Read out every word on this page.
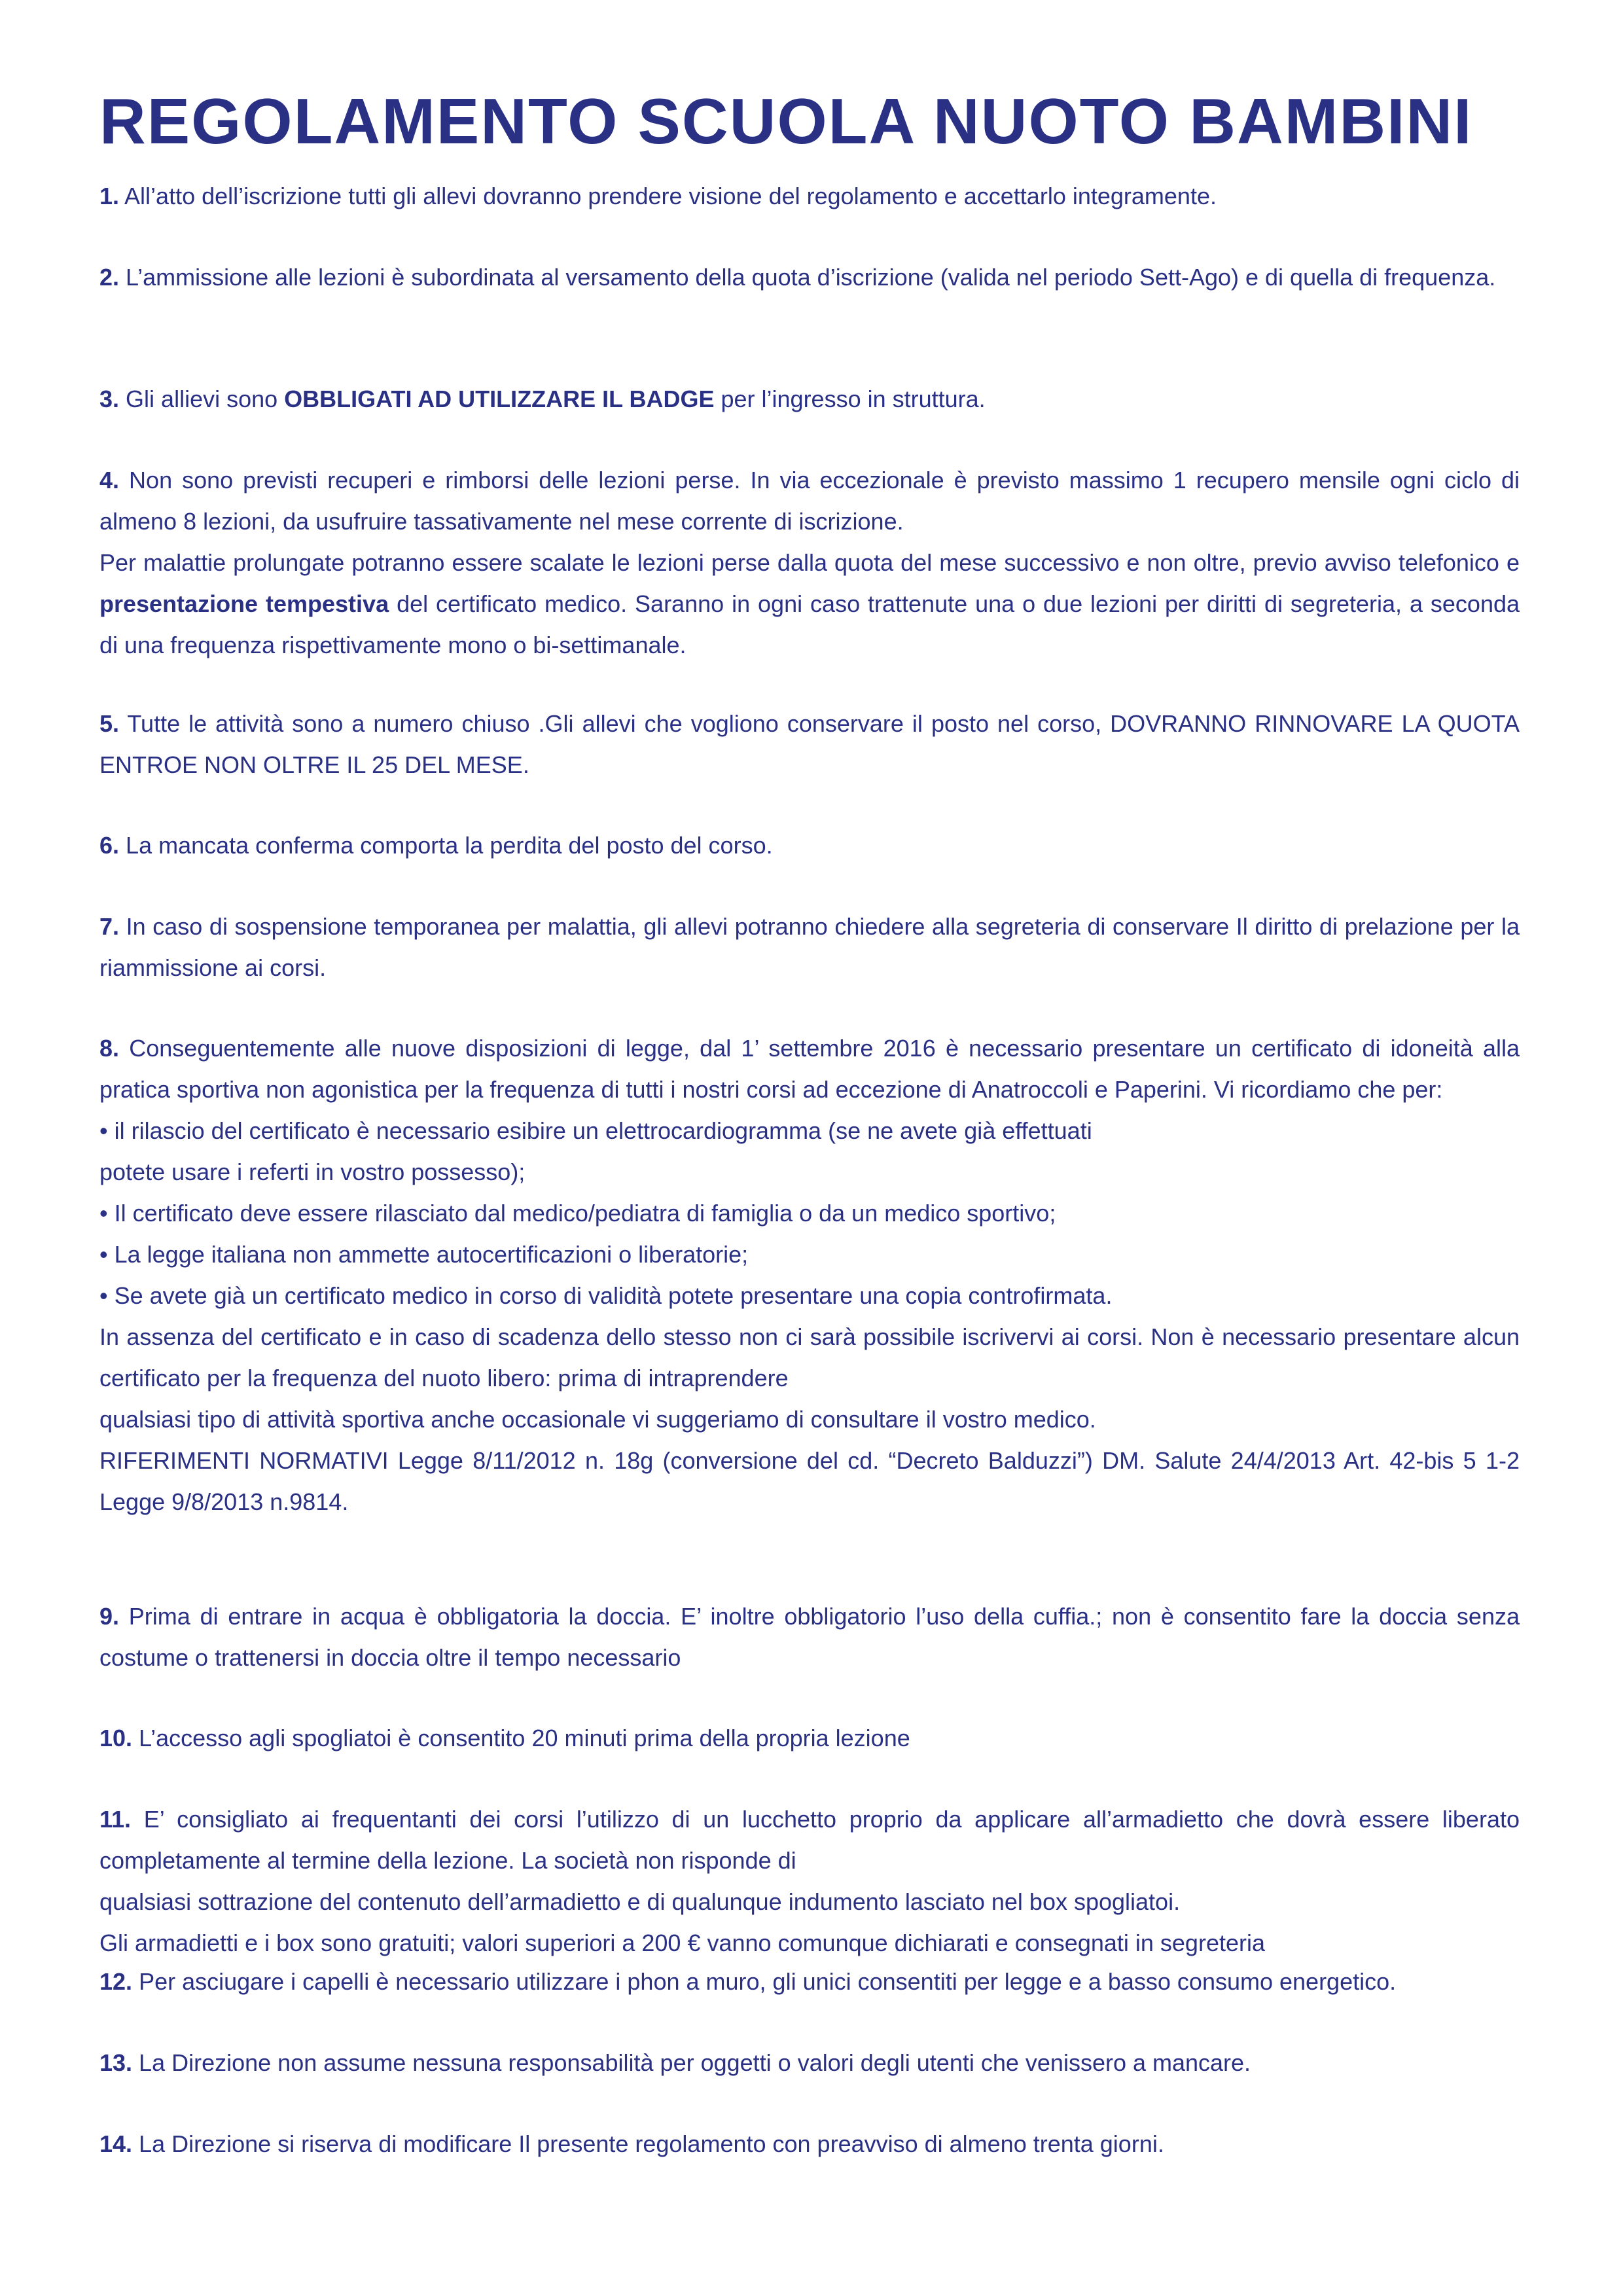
REGOLAMENTO SCUOLA NUOTO BAMBINI

1. All’atto dell’iscrizione tutti gli allevi dovranno prendere visione del regolamento e accettarlo integramente.

2. L’ammissione alle lezioni è subordinata al versamento della quota d’iscrizione (valida nel periodo Sett-Ago) e di quella di frequenza.

3. Gli allievi sono OBBLIGATI AD UTILIZZARE IL BADGE per l’ingresso in struttura.

4. Non sono previsti recuperi e rimborsi delle lezioni perse. In via eccezionale è previsto massimo 1 recupero mensile ogni ciclo di almeno 8 lezioni, da usufruire tassativamente nel mese corrente di iscrizione.

Per malattie prolungate potranno essere scalate le lezioni perse dalla quota del mese successivo e non oltre, previo avviso telefonico e presentazione tempestiva del certificato medico. Saranno in ogni caso trattenute una o due lezioni per diritti di segreteria, a seconda di una frequenza rispettivamente mono o bi-settimanale.

5. Tutte le attività sono a numero chiuso .Gli allevi che vogliono conservare il posto nel corso, DOVRANNO RINNOVARE LA QUOTA ENTROE NON OLTRE IL 25 DEL MESE.

6. La mancata conferma comporta la perdita del posto del corso.

7. In caso di sospensione temporanea per malattia, gli allevi potranno chiedere alla segreteria di conservare Il diritto di prelazione per la riammissione ai corsi.

8. Conseguentemente alle nuove disposizioni di legge, dal 1’ settembre 2016 è necessario presentare un certificato di idoneità alla pratica sportiva non agonistica per la frequenza di tutti i nostri corsi ad eccezione di Anatroccoli e Paperini. Vi ricordiamo che per:

• il rilascio del certificato è necessario esibire un elettrocardiogramma (se ne avete già effettuati

potete usare i referti in vostro possesso);

• Il certificato deve essere rilasciato dal medico/pediatra di famiglia o da un medico sportivo;

• La legge italiana non ammette autocertificazioni o liberatorie;

• Se avete già un certificato medico in corso di validità potete presentare una copia controfirmata.

In assenza del certificato e in caso di scadenza dello stesso non ci sarà possibile iscrivervi ai corsi. Non è necessario presentare alcun certificato per la frequenza del nuoto libero: prima di intraprendere

qualsiasi tipo di attività sportiva anche occasionale vi suggeriamo di consultare il vostro medico.

RIFERIMENTI NORMATIVI Legge 8/11/2012 n. 18g (conversione del cd. “Decreto Balduzzi”) DM. Salute 24/4/2013 Art. 42-bis 5 1-2 Legge 9/8/2013 n.9814.

9. Prima di entrare in acqua è obbligatoria la doccia. E’ inoltre obbligatorio l’uso della cuffia.; non è consentito fare la doccia senza costume o trattenersi in doccia oltre il tempo necessario

10. L’accesso agli spogliatoi è consentito 20 minuti prima della propria lezione

11. E’ consigliato ai frequentanti dei corsi l’utilizzo di un lucchetto proprio da applicare all’armadietto che dovrà essere liberato completamente al termine della lezione. La società non risponde di

qualsiasi sottrazione del contenuto dell’armadietto e di qualunque indumento lasciato nel box spogliatoi.

Gli armadietti e i box sono gratuiti; valori superiori a 200 € vanno comunque dichiarati e consegnati in segreteria

12. Per asciugare i capelli è necessario utilizzare i phon a muro, gli unici consentiti per legge e a basso consumo energetico.

13. La Direzione non assume nessuna responsabilità per oggetti o valori degli utenti che venissero a mancare.

14. La Direzione si riserva di modificare Il presente regolamento con preavviso di almeno trenta giorni.
